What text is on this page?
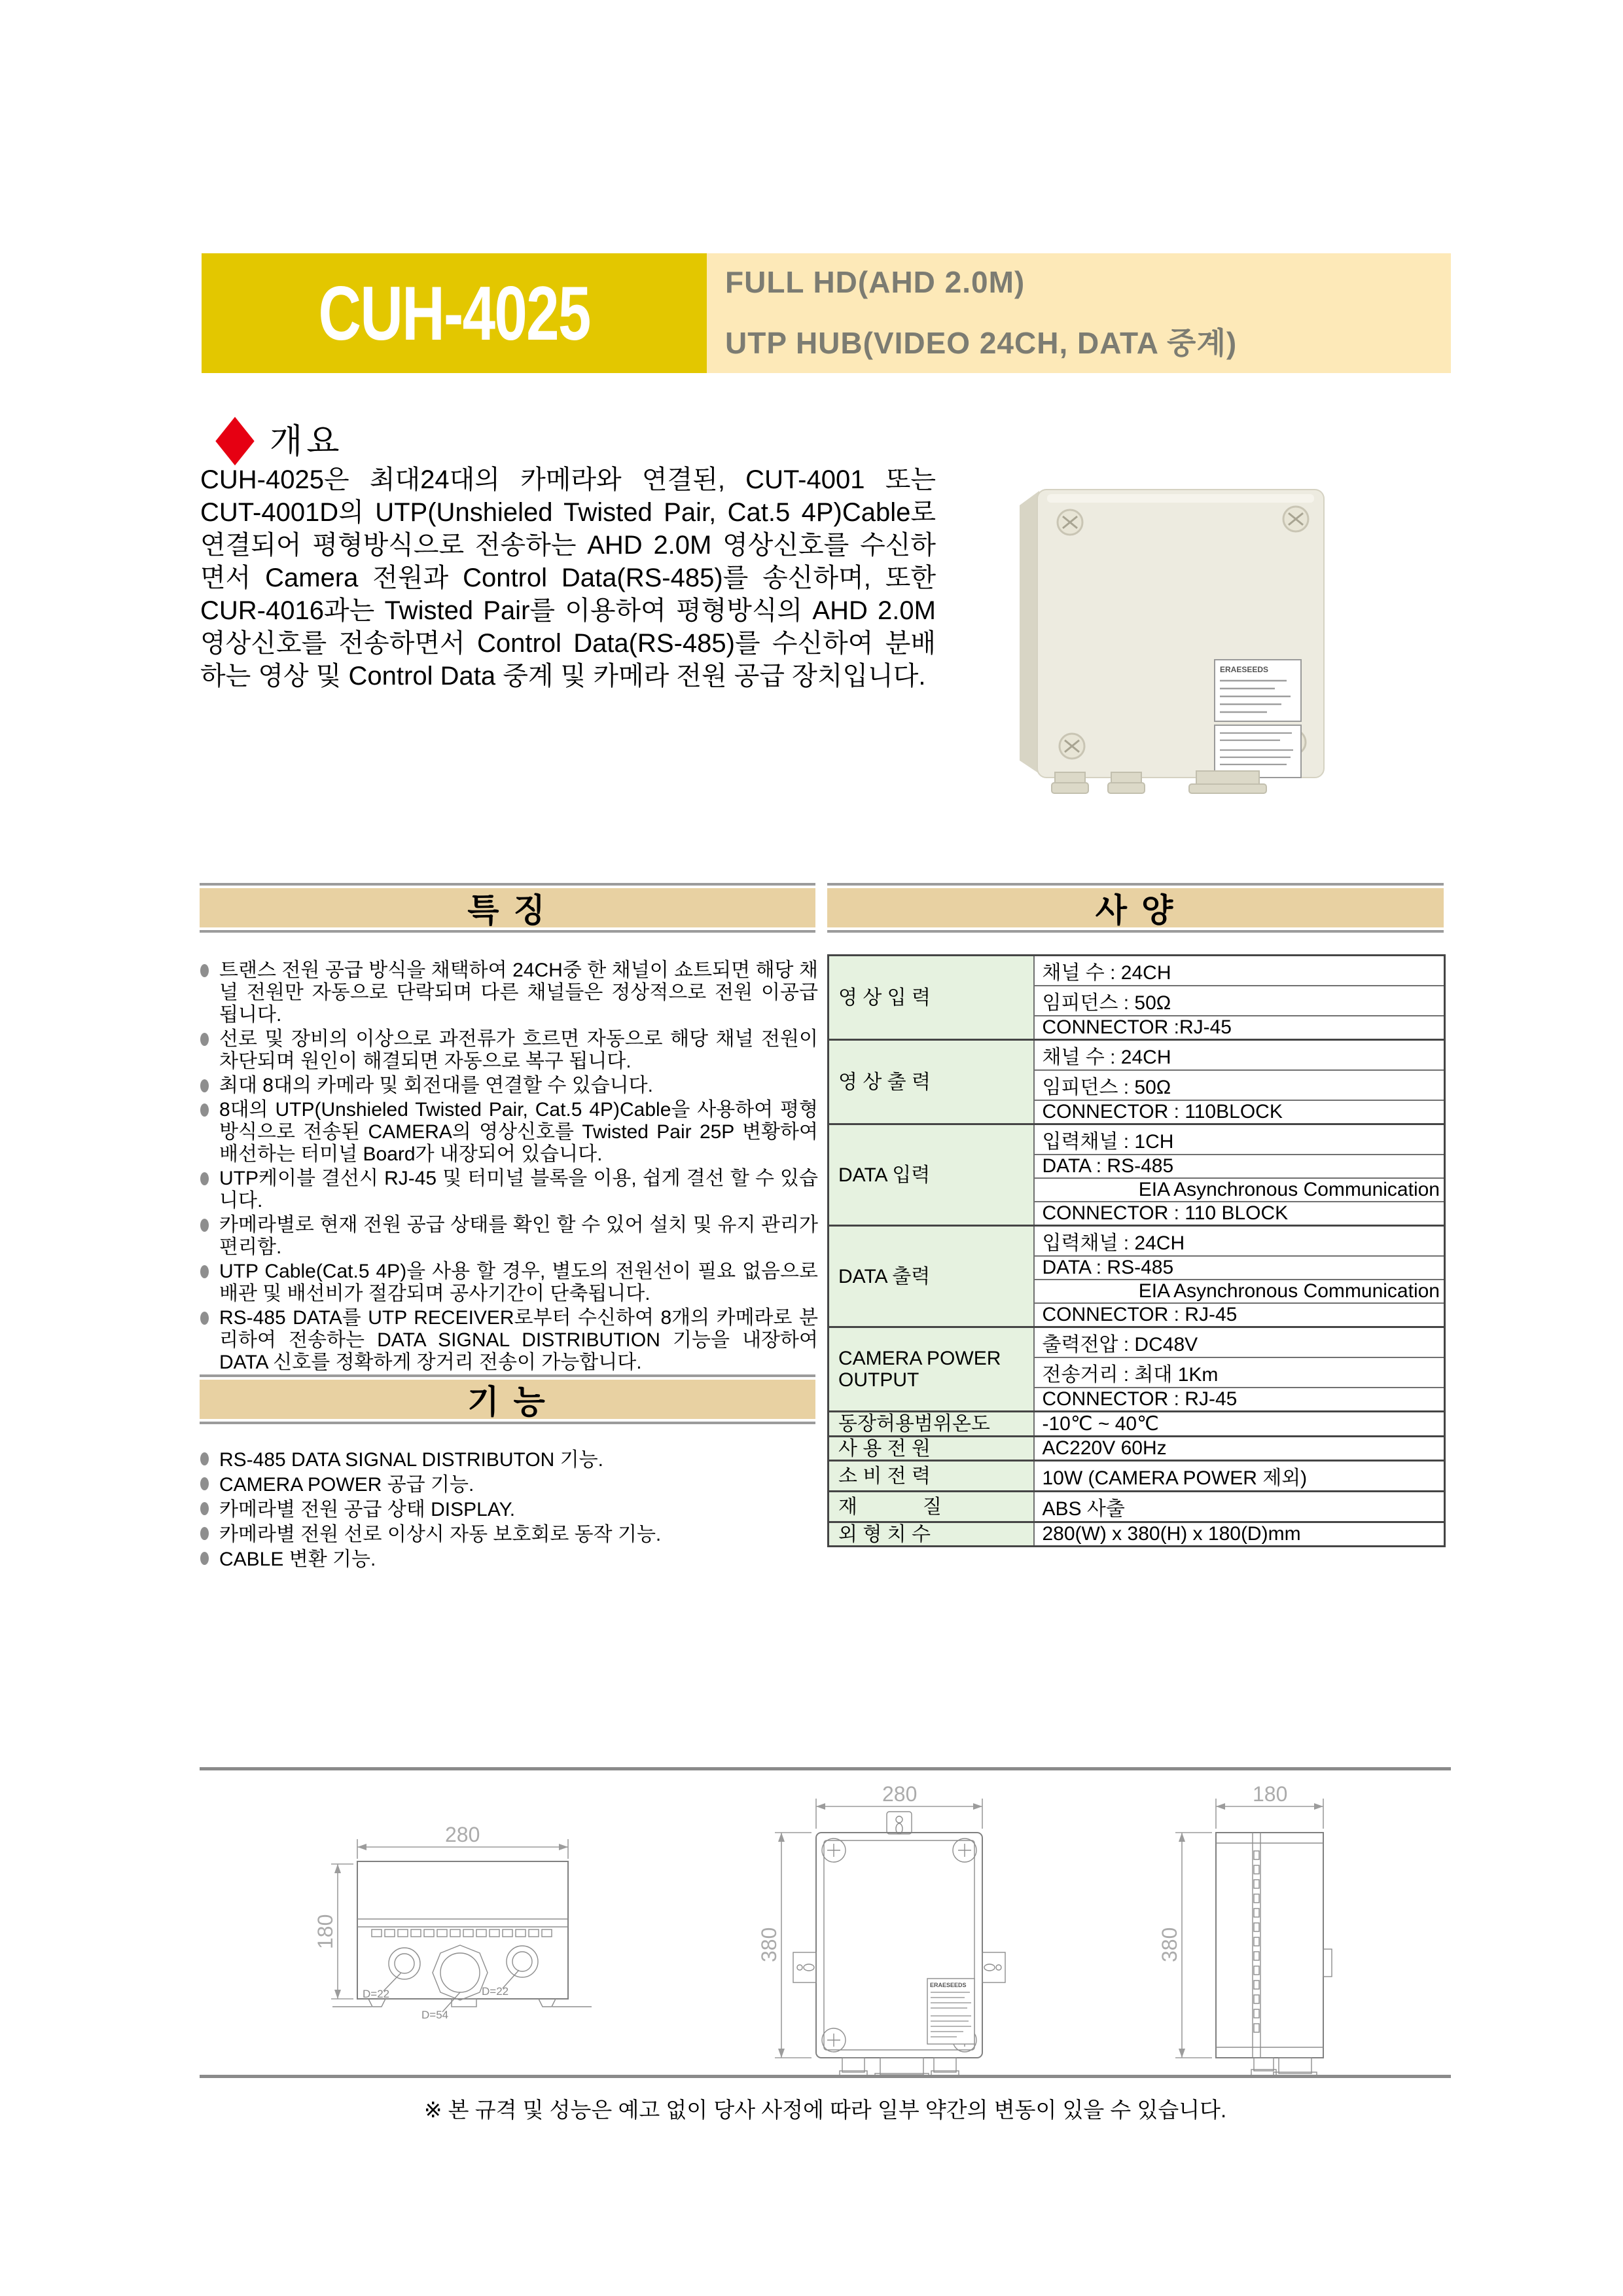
CUH-4025	FULL HD(AHD 2.0M)
UTP HUB(VIDEO 24CH, DATA 중계)
개요
CUH-4025은 최대24대의 카메라와 연결된, CUT-4001 또는 CUT-4001D의 UTP(Unshieled Twisted Pair, Cat.5 4P)Cable로 연결되어 평형방식으로 전송하는 AHD 2.0M 영상신호를 수신하면서 Camera 전원과 Control Data(RS-485)를 송신하며, 또한 CUR-4016과는 Twisted Pair를 이용하여 평형방식의 AHD 2.0M 영상신호를 전송하면서 Control Data(RS-485)를 수신하여 분배하는 영상 및 Control Data 중계 및 카메라 전원 공급 장치입니다.	ERAESEEDS
특 징
트랜스 전원 공급 방식을 채택하여 24CH중 한 채널이 쇼트되면 해당 채널 전원만 자동으로 단락되며 다른 채널들은 정상적으로 전원 이공급 됩니다.
선로 및 장비의 이상으로 과전류가 흐르면 자동으로 해당 채널 전원이 차단되며 원인이 해결되면 자동으로 복구 됩니다.
최대 8대의 카메라 및 회전대를 연결할 수 있습니다.
8대의 UTP(Unshieled Twisted Pair, Cat.5 4P)Cable을 사용하여 평형방식으로 전송된 CAMERA의 영상신호를 Twisted Pair 25P 변황하여 배선하는 터미널 Board가 내장되어 있습니다.
UTP케이블 결선시 RJ-45 및 터미널 블록을 이용, 쉽게 결선 할 수 있습니다.
카메라별로 현재 전원 공급 상태를 확인 할 수 있어 설치 및 유지 관리가 편리함.
UTP Cable(Cat.5 4P)을 사용 할 경우, 별도의 전원선이 필요 없음으로 배관 및 배선비가 절감되며 공사기간이 단축됩니다.
RS-485 DATA를 UTP RECEIVER로부터 수신하여 8개의 카메라로 분리하여 전송하는 DATA SIGNAL DISTRIBUTION 기능을 내장하여 DATA 신호를 정확하게 장거리 전송이 가능합니다.
기 능
RS-485 DATA SIGNAL DISTRIBUTON 기능.
CAMERA POWER 공급 기능.
카메라별 전원 공급 상태 DISPLAY.
카메라별 전원 선로 이상시 자동 보호회로 동작 기능.
CABLE 변환 기능.
사 양
영 상 입 력	채널 수 : 24CH
	임피던스 : 50Ω
	CONNECTOR :RJ-45
영 상 출 력	채널 수 : 24CH
	임피던스 : 50Ω
	CONNECTOR : 110BLOCK
DATA 입력	입력채널 : 1CH
	DATA : RS-485
	EIA Asynchronous Communication
	CONNECTOR : 110 BLOCK
DATA 출력	입력채널 : 24CH
	DATA : RS-485
	EIA Asynchronous Communication
	CONNECTOR : RJ-45
CAMERA POWER OUTPUT	출력전압 : DC48V
	전송거리 : 최대 1Km
	CONNECTOR : RJ-45
동장허용범위온도	-10℃ ~ 40℃
사 용 전 원	AC220V 60Hz
소 비 전 력	10W (CAMERA POWER 제외)
재            질	ABS 사출
외 형 치 수	280(W) x 380(H) x 180(D)mm
280
180
D=22
D=54
D=22
280
380
ERAESEEDS
180
380
※ 본 규격 및 성능은 예고 없이 당사 사정에 따라 일부 약간의 변동이 있을 수 있습니다.
